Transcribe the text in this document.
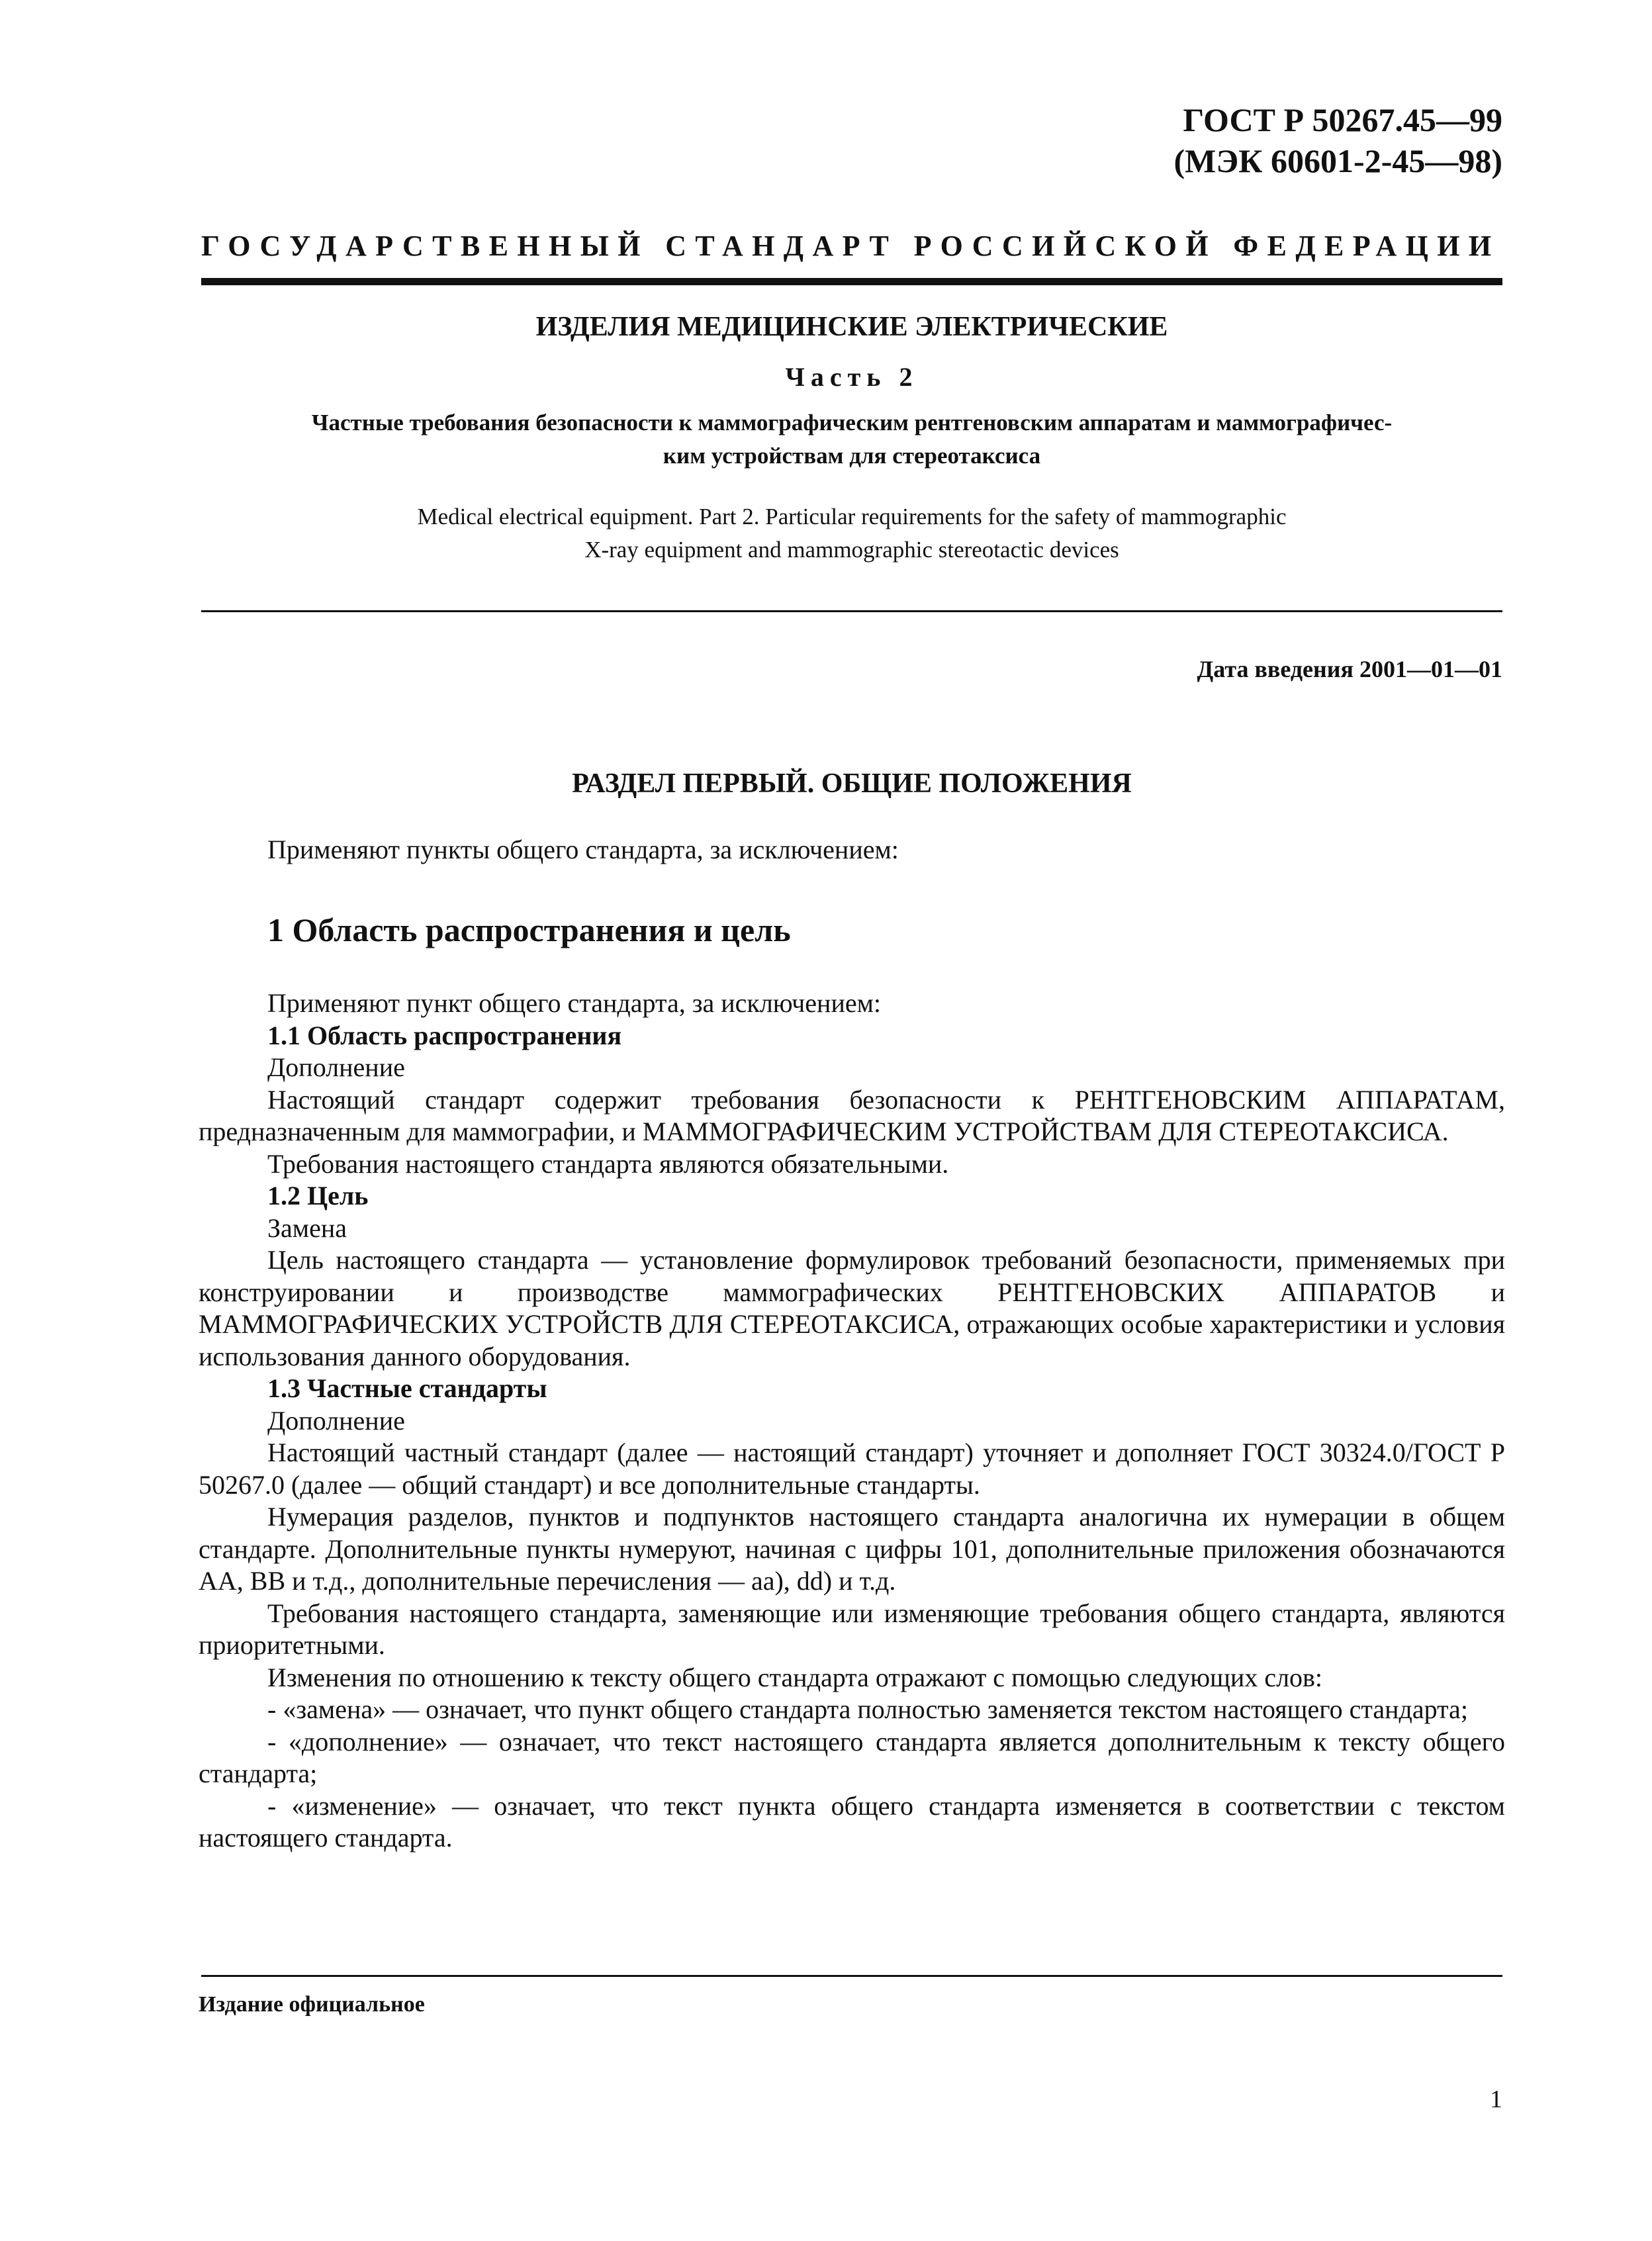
ГОСТ Р 50267.45—99
(МЭК 60601-2-45—98)
ГОСУДАРСТВЕННЫЙ СТАНДАРТ РОССИЙСКОЙ ФЕДЕРАЦИИ
ИЗДЕЛИЯ МЕДИЦИНСКИЕ ЭЛЕКТРИЧЕСКИЕ
Часть 2
Частные требования безопасности к маммографическим рентгеновским аппаратам и маммографичес-
ким устройствам для стереотаксиса
Medical electrical equipment. Part 2. Particular requirements for the safety of mammographic
X-ray equipment and mammographic stereotactic devices
Дата введения 2001—01—01
РАЗДЕЛ ПЕРВЫЙ. ОБЩИЕ ПОЛОЖЕНИЯ
Применяют пункты общего стандарта, за исключением:
1 Область распространения и цель

Применяют пункт общего стандарта, за исключением:

1.1 Область распространения

Дополнение

Настоящий стандарт содержит требования безопасности к РЕНТГЕНОВСКИМ АППАРАТАМ, предназначенным для маммографии, и МАММОГРАФИЧЕСКИМ УСТРОЙСТВАМ ДЛЯ СТЕРЕОТАКСИСА.

Требования настоящего стандарта являются обязательными.

1.2 Цель

Замена

Цель настоящего стандарта — установление формулировок требований безопасности, применяемых при конструировании и производстве маммографических РЕНТГЕНОВСКИХ АППАРАТОВ и МАММОГРАФИЧЕСКИХ УСТРОЙСТВ ДЛЯ СТЕРЕОТАКСИСА, отражающих особые характеристики и условия использования данного оборудования.

1.3 Частные стандарты

Дополнение

Настоящий частный стандарт (далее — настоящий стандарт) уточняет и дополняет ГОСТ 30324.0/ГОСТ Р 50267.0 (далее — общий стандарт) и все дополнительные стандарты.

Нумерация разделов, пунктов и подпунктов настоящего стандарта аналогична их нумерации в общем стандарте. Дополнительные пункты нумеруют, начиная с цифры 101, дополнительные приложения обозначаются АА, ВВ и т.д., дополнительные перечисления — аа), dd) и т.д.

Требования настоящего стандарта, заменяющие или изменяющие требования общего стандарта, являются приоритетными.

Изменения по отношению к тексту общего стандарта отражают с помощью следующих слов:

- «замена» — означает, что пункт общего стандарта полностью заменяется текстом настоящего стандарта;

- «дополнение» — означает, что текст настоящего стандарта является дополнительным к тексту общего стандарта;

- «изменение» — означает, что текст пункта общего стандарта изменяется в соответствии с текстом настоящего стандарта.

Издание официальное
1
